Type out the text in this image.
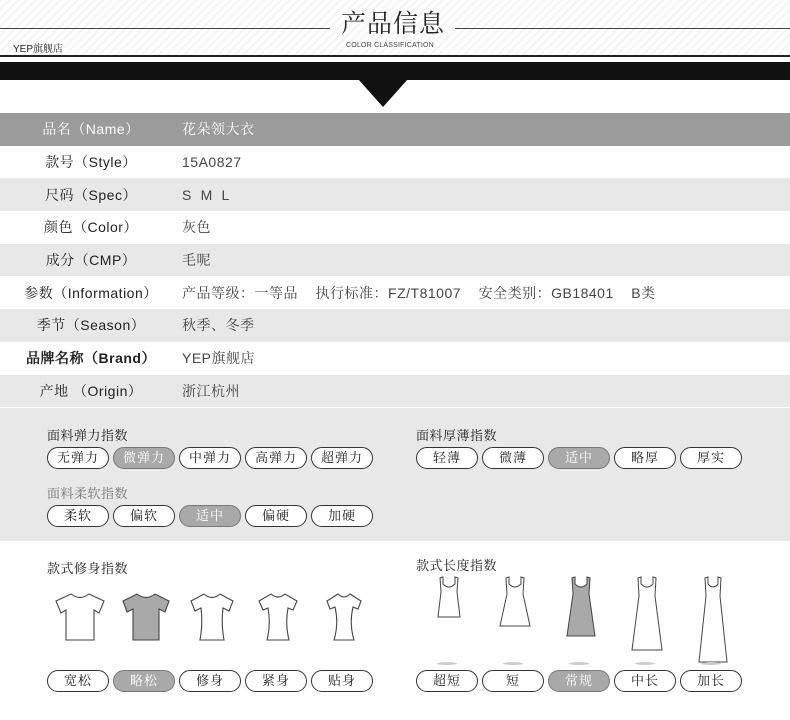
产品信息
COLOR CLASSIFICATION
YEP旗舰店
品名（Name）	花朵领大衣
款号（Style）	15A0827
尺码（Spec）	S  M  L
颜色（Color）	灰色
成分（CMP）	毛呢
参数（Information）	产品等级：一等品    执行标准：FZ/T81007    安全类别：GB18401    B类
季节（Season）	秋季、冬季
品牌名称（Brand）	YEP旗舰店
产地 （Origin）	浙江杭州
面料弹力指数
无弹力	微弹力	中弹力	高弹力	超弹力
面料厚薄指数
轻薄	微薄	适中	略厚	厚实
面料柔软指数
柔软	偏软	适中	偏硬	加硬
款式修身指数	款式长度指数
宽松	略松	修身	紧身	贴身	超短	短	常规	中长	加长
